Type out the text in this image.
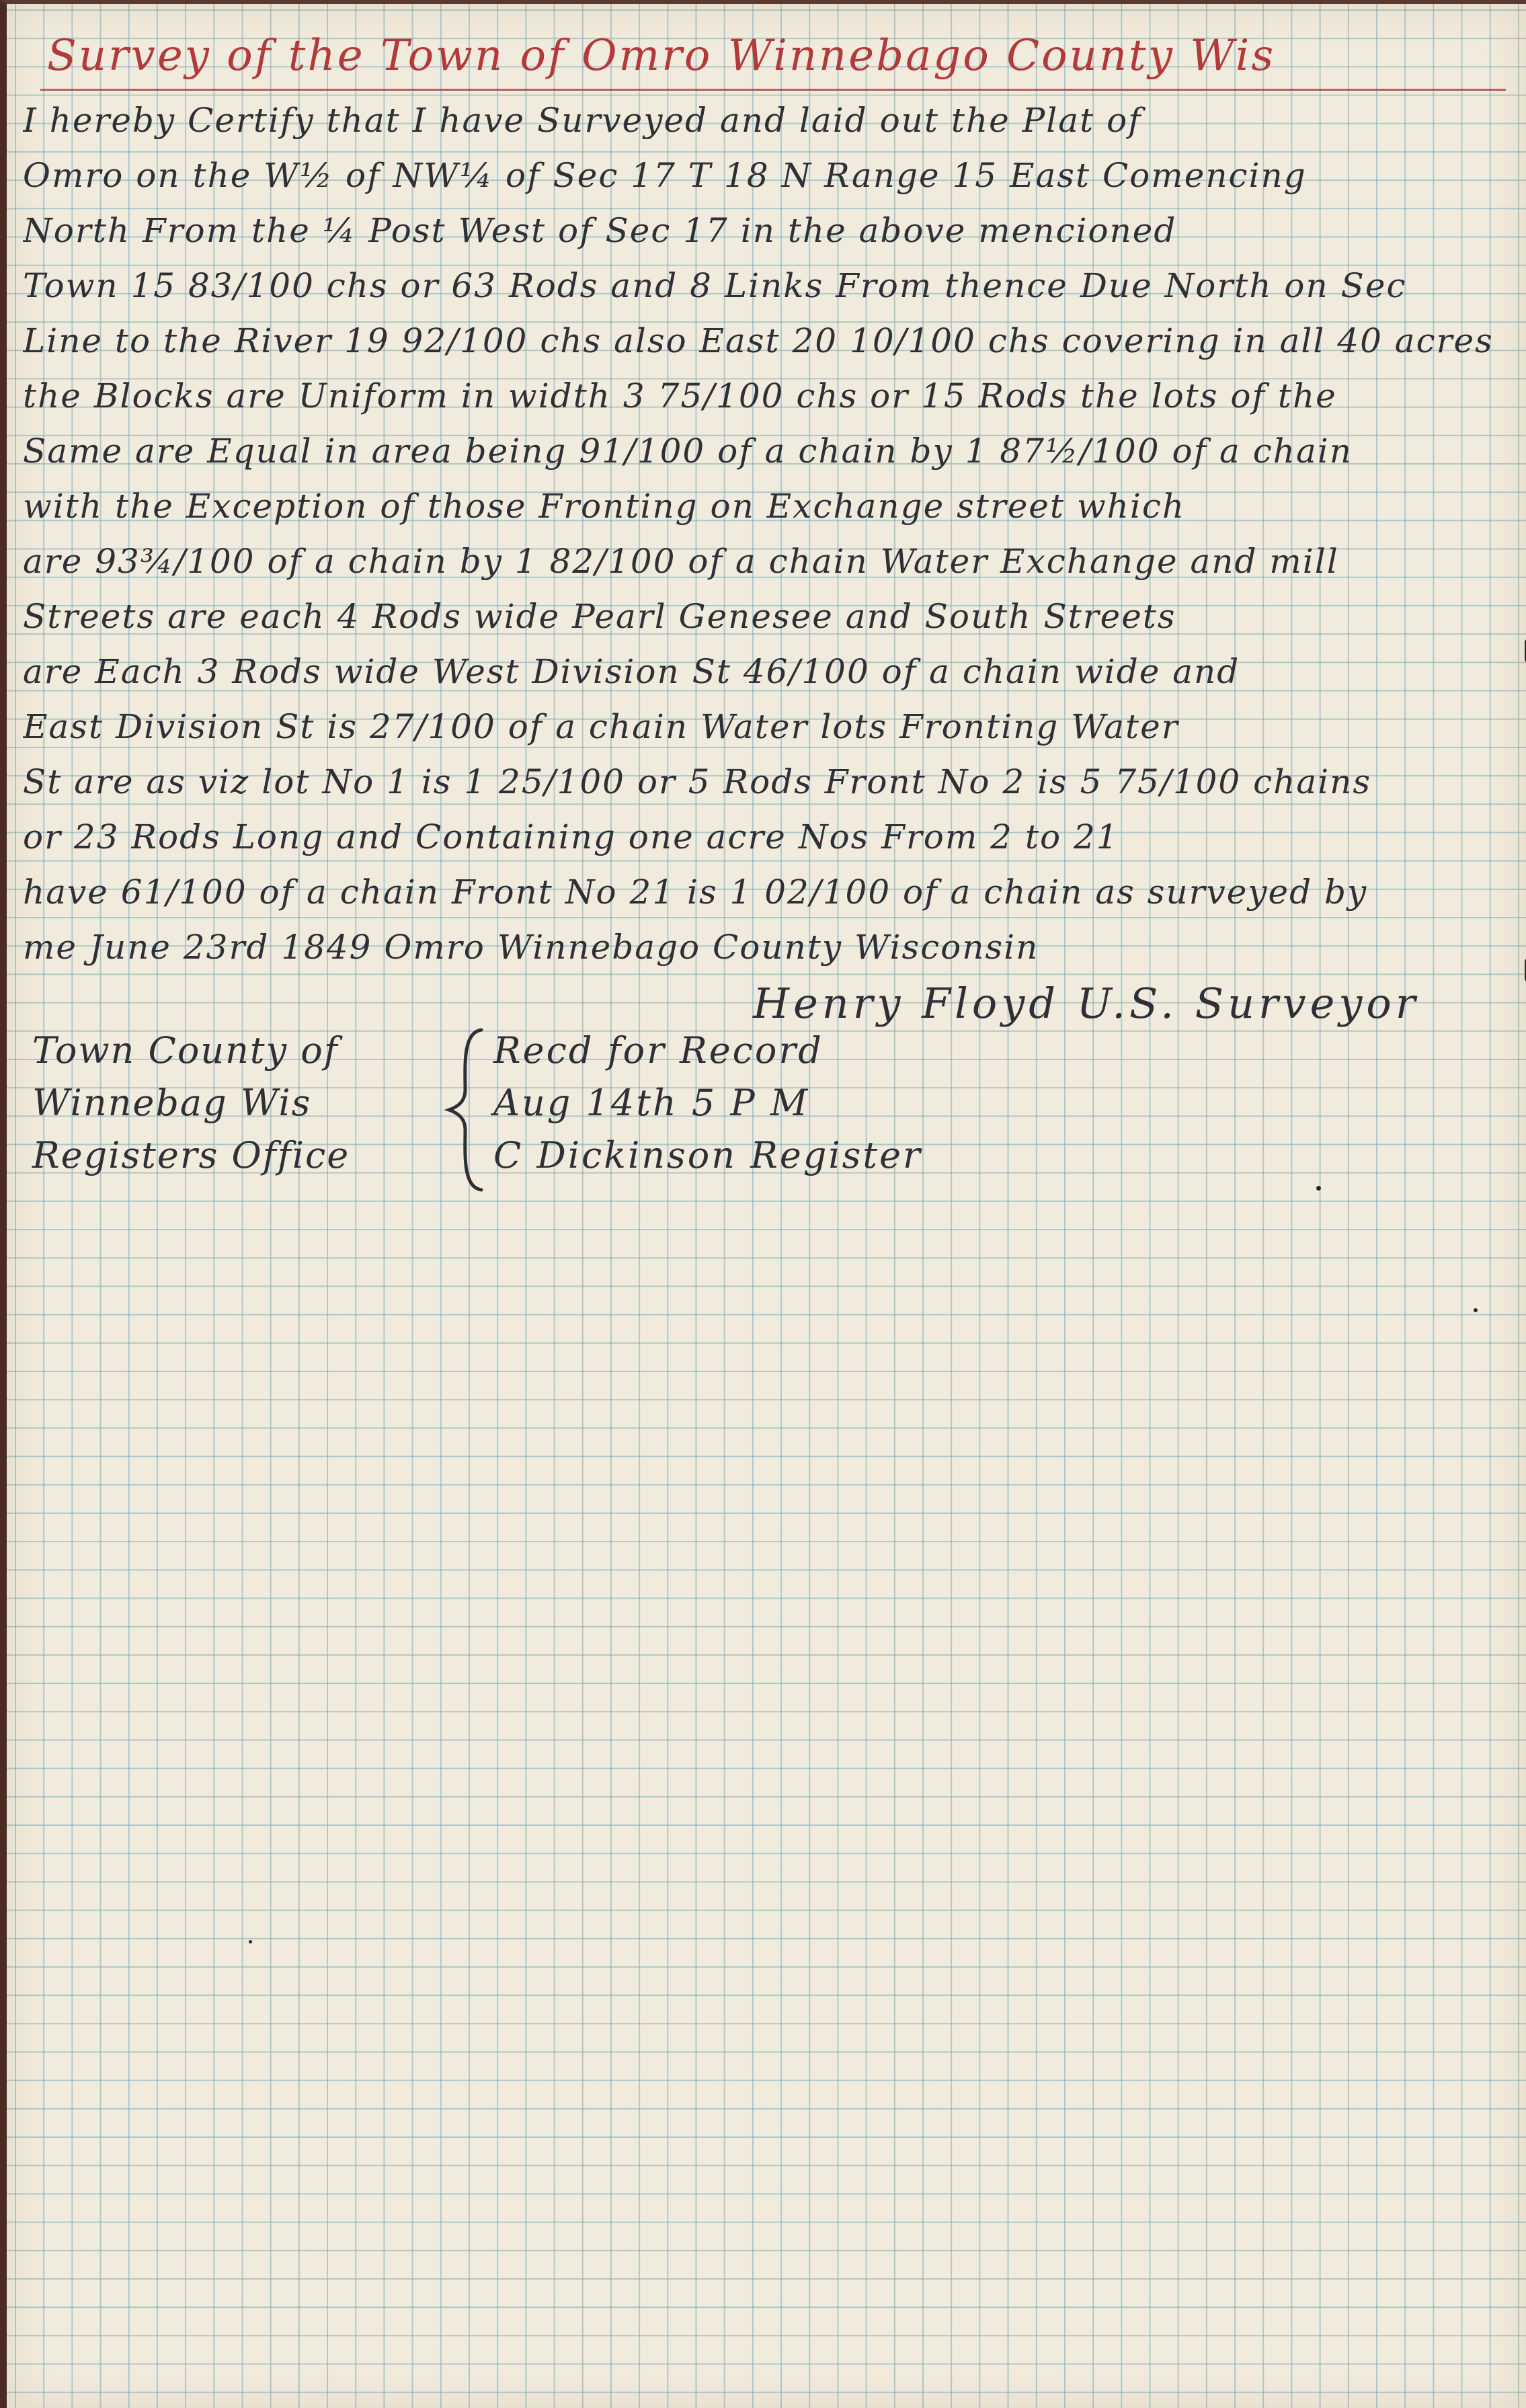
Survey of the Town of Omro Winnebago County Wis
I hereby Certify that I have Surveyed and laid out the Plat of
Omro on the W½ of NW¼ of Sec 17 T 18 N Range 15 East Comencing
North From the ¼ Post West of Sec 17 in the above mencioned
Town 15 83/100 chs or 63 Rods and 8 Links From thence Due North on Sec
Line to the River 19 92/100 chs also East 20 10/100 chs covering in all 40 acres
the Blocks are Uniform in width 3 75/100 chs or 15 Rods the lots of the
Same are Equal in area being 91/100 of a chain by 1 87½/100 of a chain
with the Exception of those Fronting on Exchange street which
are 93¾/100 of a chain by 1 82/100 of a chain Water Exchange and mill
Streets are each 4 Rods wide Pearl Genesee and South Streets
are Each 3 Rods wide West Division St 46/100 of a chain wide and
East Division St is 27/100 of a chain Water lots Fronting Water
St are as viz lot No 1 is 1 25/100 or 5 Rods Front No 2 is 5 75/100 chains
or 23 Rods Long and Containing one acre Nos From 2 to 21
have 61/100 of a chain Front No 21 is 1 02/100 of a chain as surveyed by
me June 23rd 1849 Omro Winnebago County Wisconsin
Henry Floyd U.S. Surveyor
Town County of
Winnebag Wis
Registers Office
Recd for Record
Aug 14th 5 P M
C Dickinson Register
